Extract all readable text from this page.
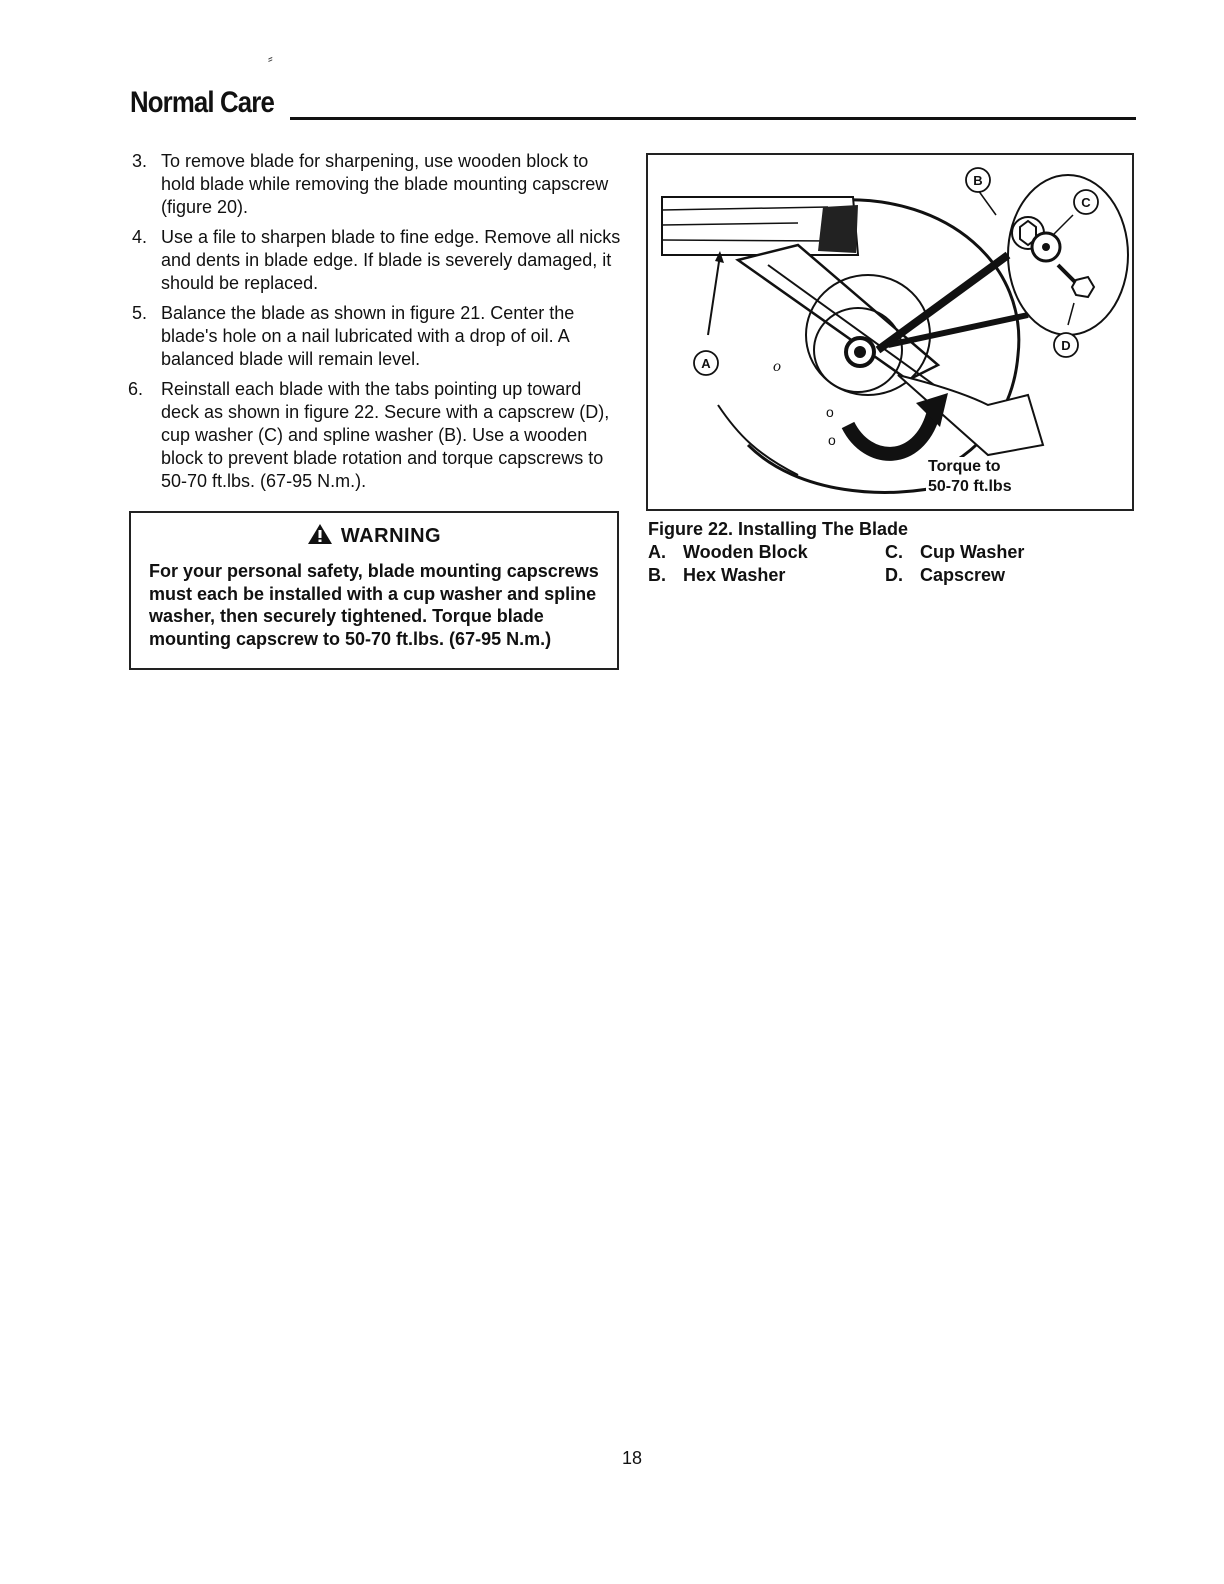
⸗
Normal Care
3. To remove blade for sharpening, use wooden block to hold blade while removing the blade mounting capscrew (figure 20).
4. Use a file to sharpen blade to fine edge. Remove all nicks and dents in blade edge. If blade is severely damaged, it should be replaced.
5. Balance the blade as shown in figure 21. Center the blade's hole on a nail lubricated with a drop of oil. A balanced blade will remain level.
6. Reinstall each blade with the tabs pointing up toward deck as shown in figure 22. Secure with a capscrew (D), cup washer (C) and spline washer (B). Use a wooden block to prevent blade rotation and torque capscrews to 50-70 ft.lbs. (67-95 N.m.).
WARNING
For your personal safety, blade mounting capscrews must each be installed with a cup washer and spline washer, then securely tightened. Torque blade mounting capscrew to 50-70 ft.lbs. (67-95 N.m.)
o
o
o
B
C
A
D
Torque to
50-70 ft.lbs
Figure 22. Installing The Blade
A. Wooden Block	C. Cup Washer
B. Hex Washer	D. Capscrew
18
